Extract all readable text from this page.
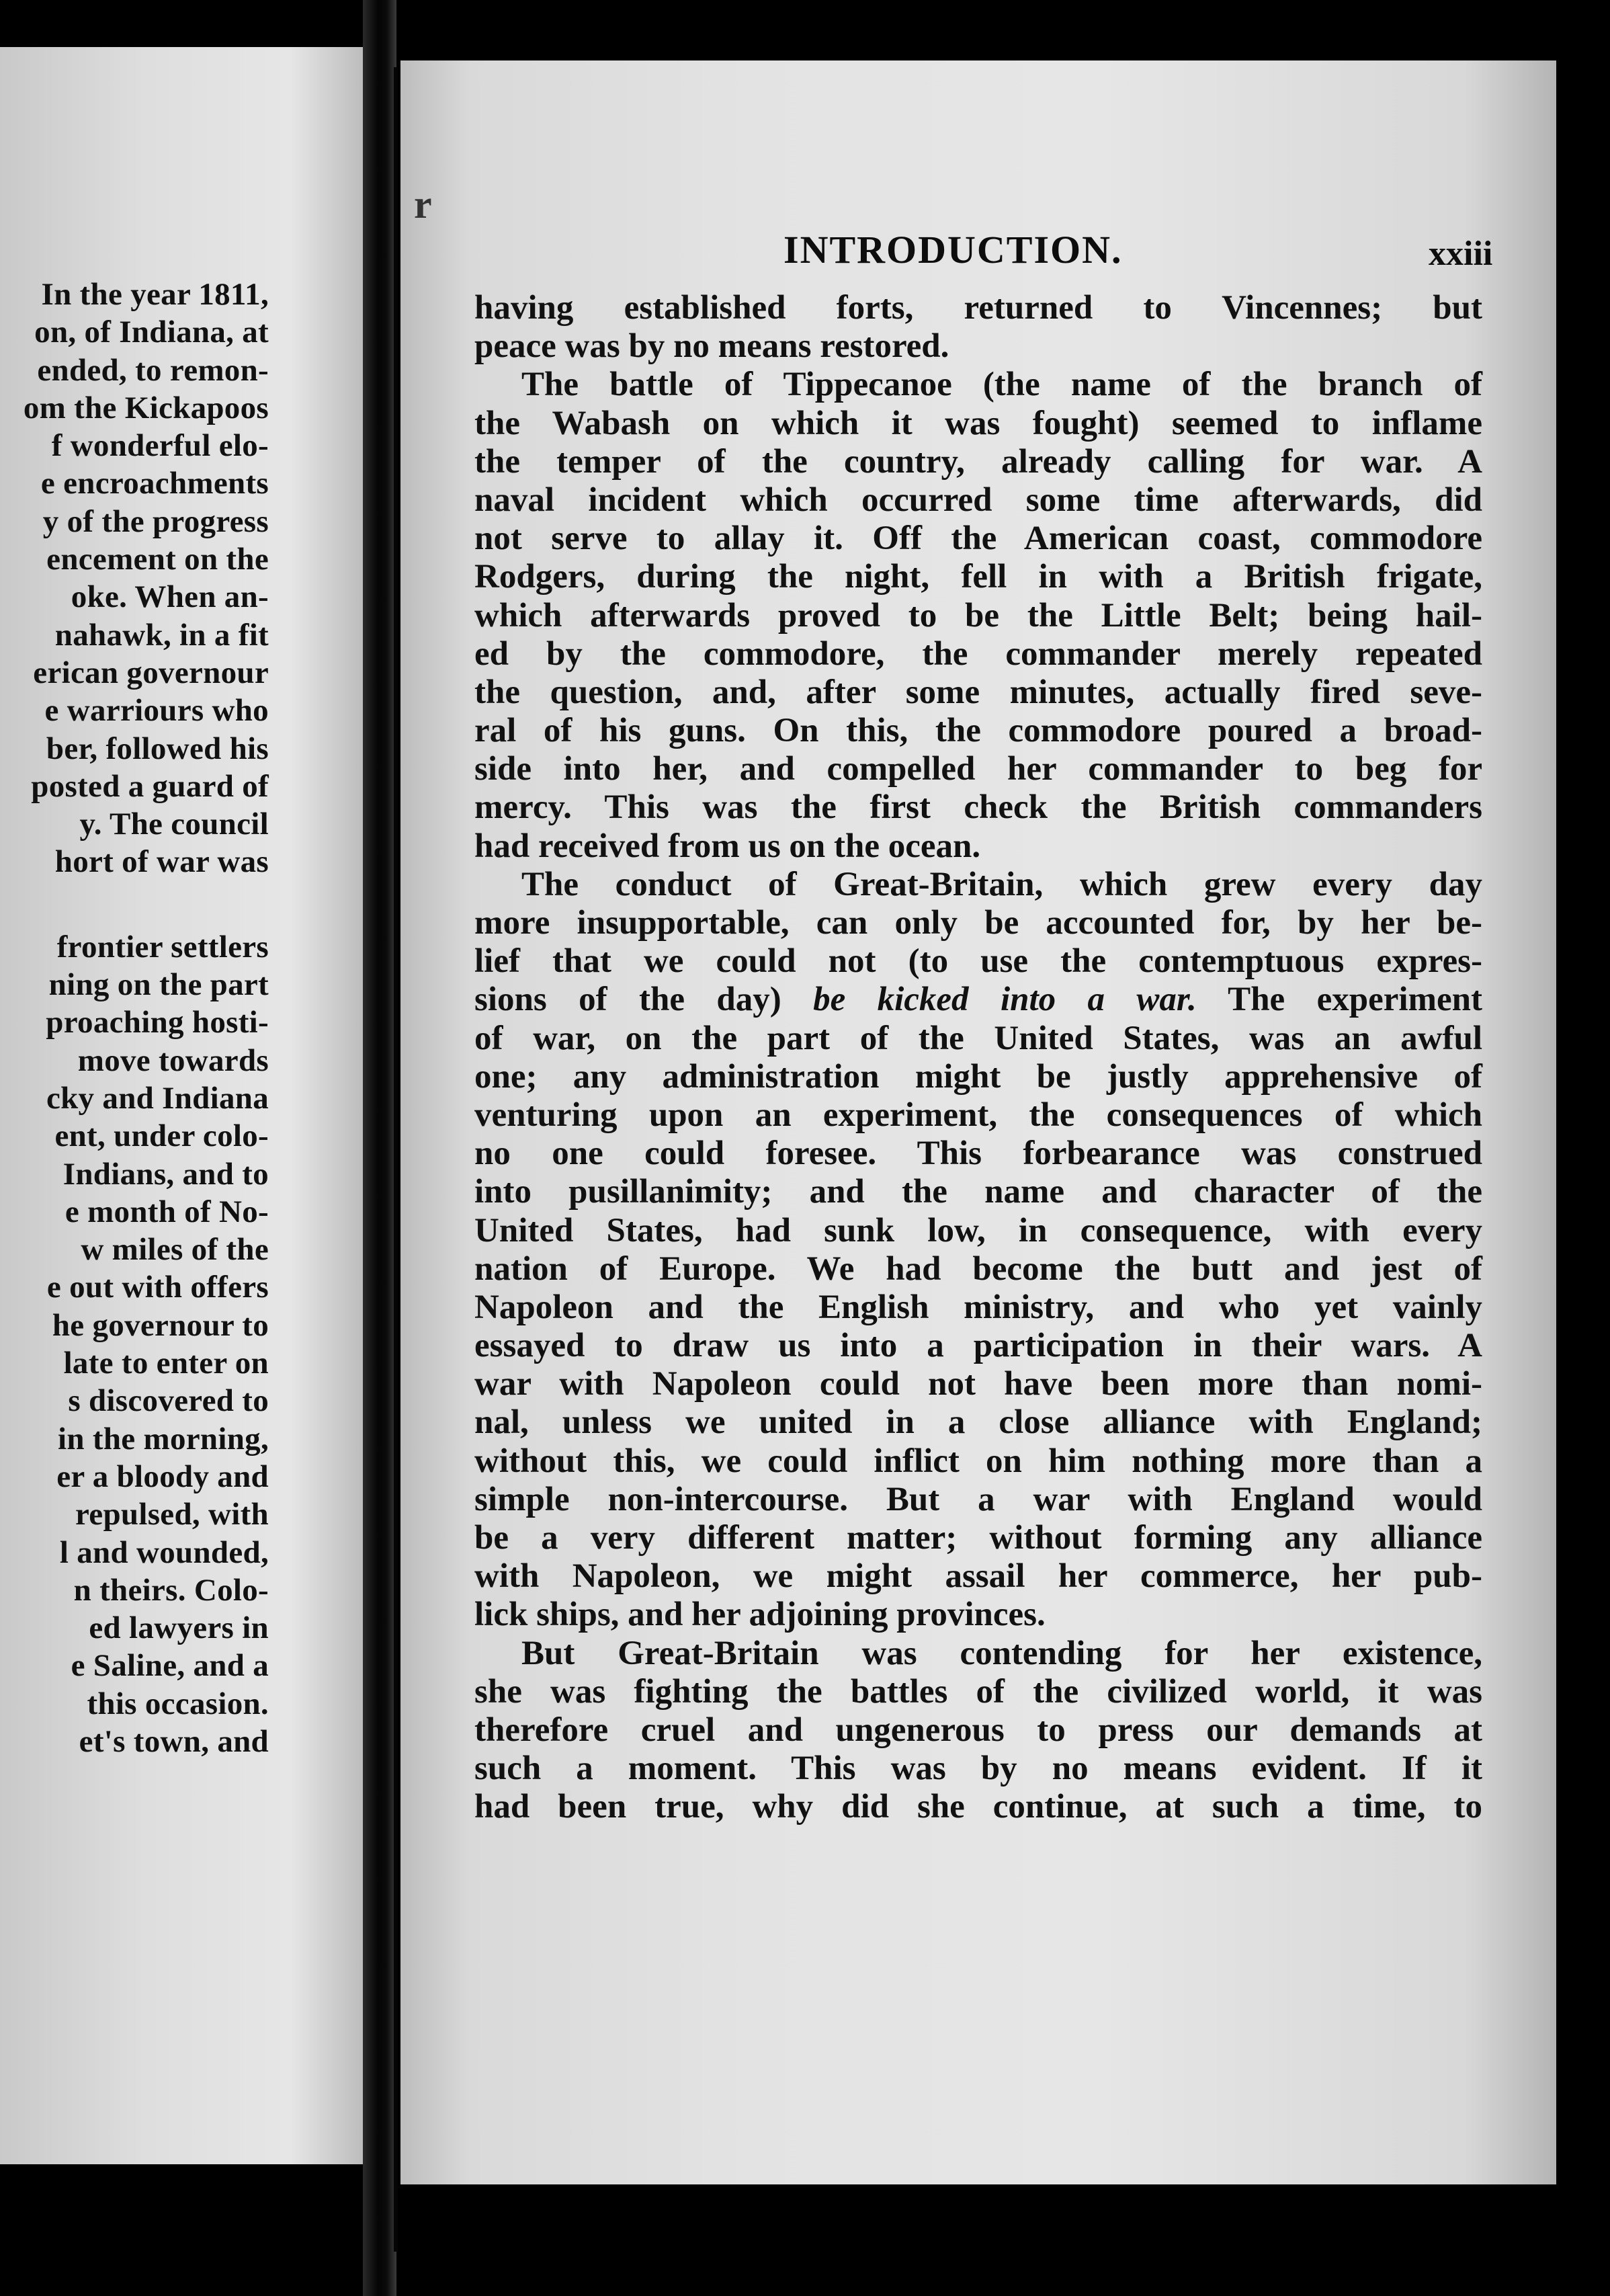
In the year 1811,
on, of Indiana, at
ended, to remon-
om the Kickapoos
f wonderful elo-
e encroachments
y of the progress
encement on the
oke. When an-
nahawk, in a fit
erican governour
e warriours who
ber, followed his
posted a guard of
y. The council
hort of war was
frontier settlers
ning on the part
proaching hosti-
move towards
cky and Indiana
ent, under colo-
Indians, and to
e month of No-
w miles of the
e out with offers
he governour to
late to enter on
s discovered to
in the morning,
er a bloody and
repulsed, with
l and wounded,
n theirs. Colo-
ed lawyers in
e Saline, and a
this occasion.
et's town, and
r
INTRODUCTION.	xxiii
having established forts, returned to Vincennes; but
peace was by no means restored.
The battle of Tippecanoe (the name of the branch of
the Wabash on which it was fought) seemed to inflame
the temper of the country, already calling for war. A
naval incident which occurred some time afterwards, did
not serve to allay it. Off the American coast, commodore
Rodgers, during the night, fell in with a British frigate,
which afterwards proved to be the Little Belt; being hail-
ed by the commodore, the commander merely repeated
the question, and, after some minutes, actually fired seve-
ral of his guns. On this, the commodore poured a broad-
side into her, and compelled her commander to beg for
mercy. This was the first check the British commanders
had received from us on the ocean.
The conduct of Great-Britain, which grew every day
more insupportable, can only be accounted for, by her be-
lief that we could not (to use the contemptuous expres-
sions of the day) be kicked into a war. The experiment
of war, on the part of the United States, was an awful
one; any administration might be justly apprehensive of
venturing upon an experiment, the consequences of which
no one could foresee. This forbearance was construed
into pusillanimity; and the name and character of the
United States, had sunk low, in consequence, with every
nation of Europe. We had become the butt and jest of
Napoleon and the English ministry, and who yet vainly
essayed to draw us into a participation in their wars. A
war with Napoleon could not have been more than nomi-
nal, unless we united in a close alliance with England;
without this, we could inflict on him nothing more than a
simple non-intercourse. But a war with England would
be a very different matter; without forming any alliance
with Napoleon, we might assail her commerce, her pub-
lick ships, and her adjoining provinces.
But Great-Britain was contending for her existence,
she was fighting the battles of the civilized world, it was
therefore cruel and ungenerous to press our demands at
such a moment. This was by no means evident. If it
had been true, why did she continue, at such a time, to
